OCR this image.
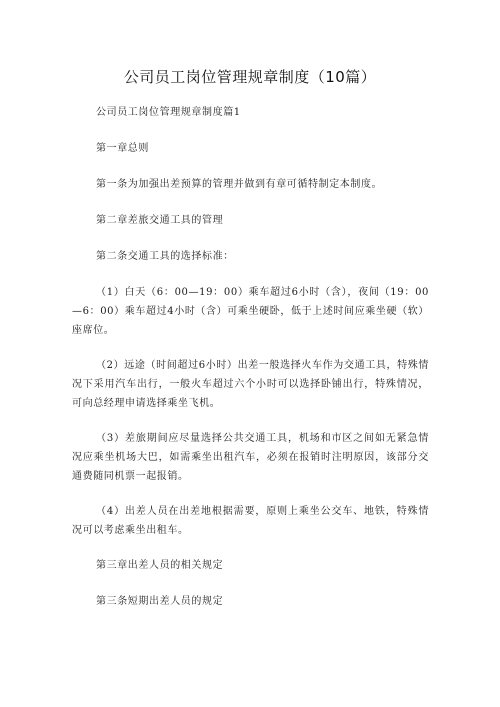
公司员工岗位管理规章制度（10篇）

公司员工岗位管理规章制度篇1

第一章总则

第一条为加强出差预算的管理并做到有章可循特制定本制度。

第二章差旅交通工具的管理

第二条交通工具的选择标准：

（1）白天（6：00—19：00）乘车超过6小时（含），夜间（19：00—6：00）乘车超过4小时（含）可乘坐硬卧，低于上述时间应乘坐硬（软）座席位。

（2）远途（时间超过6小时）出差一般选择火车作为交通工具，特殊情况下采用汽车出行，一般火车超过六个小时可以选择卧铺出行，特殊情况，可向总经理申请选择乘坐飞机。

（3）差旅期间应尽量选择公共交通工具，机场和市区之间如无紧急情况应乘坐机场大巴，如需乘坐出租汽车，必须在报销时注明原因，该部分交通费随同机票一起报销。

（4）出差人员在出差地根据需要，原则上乘坐公交车、地铁，特殊情况可以考虑乘坐出租车。

第三章出差人员的相关规定

第三条短期出差人员的规定
